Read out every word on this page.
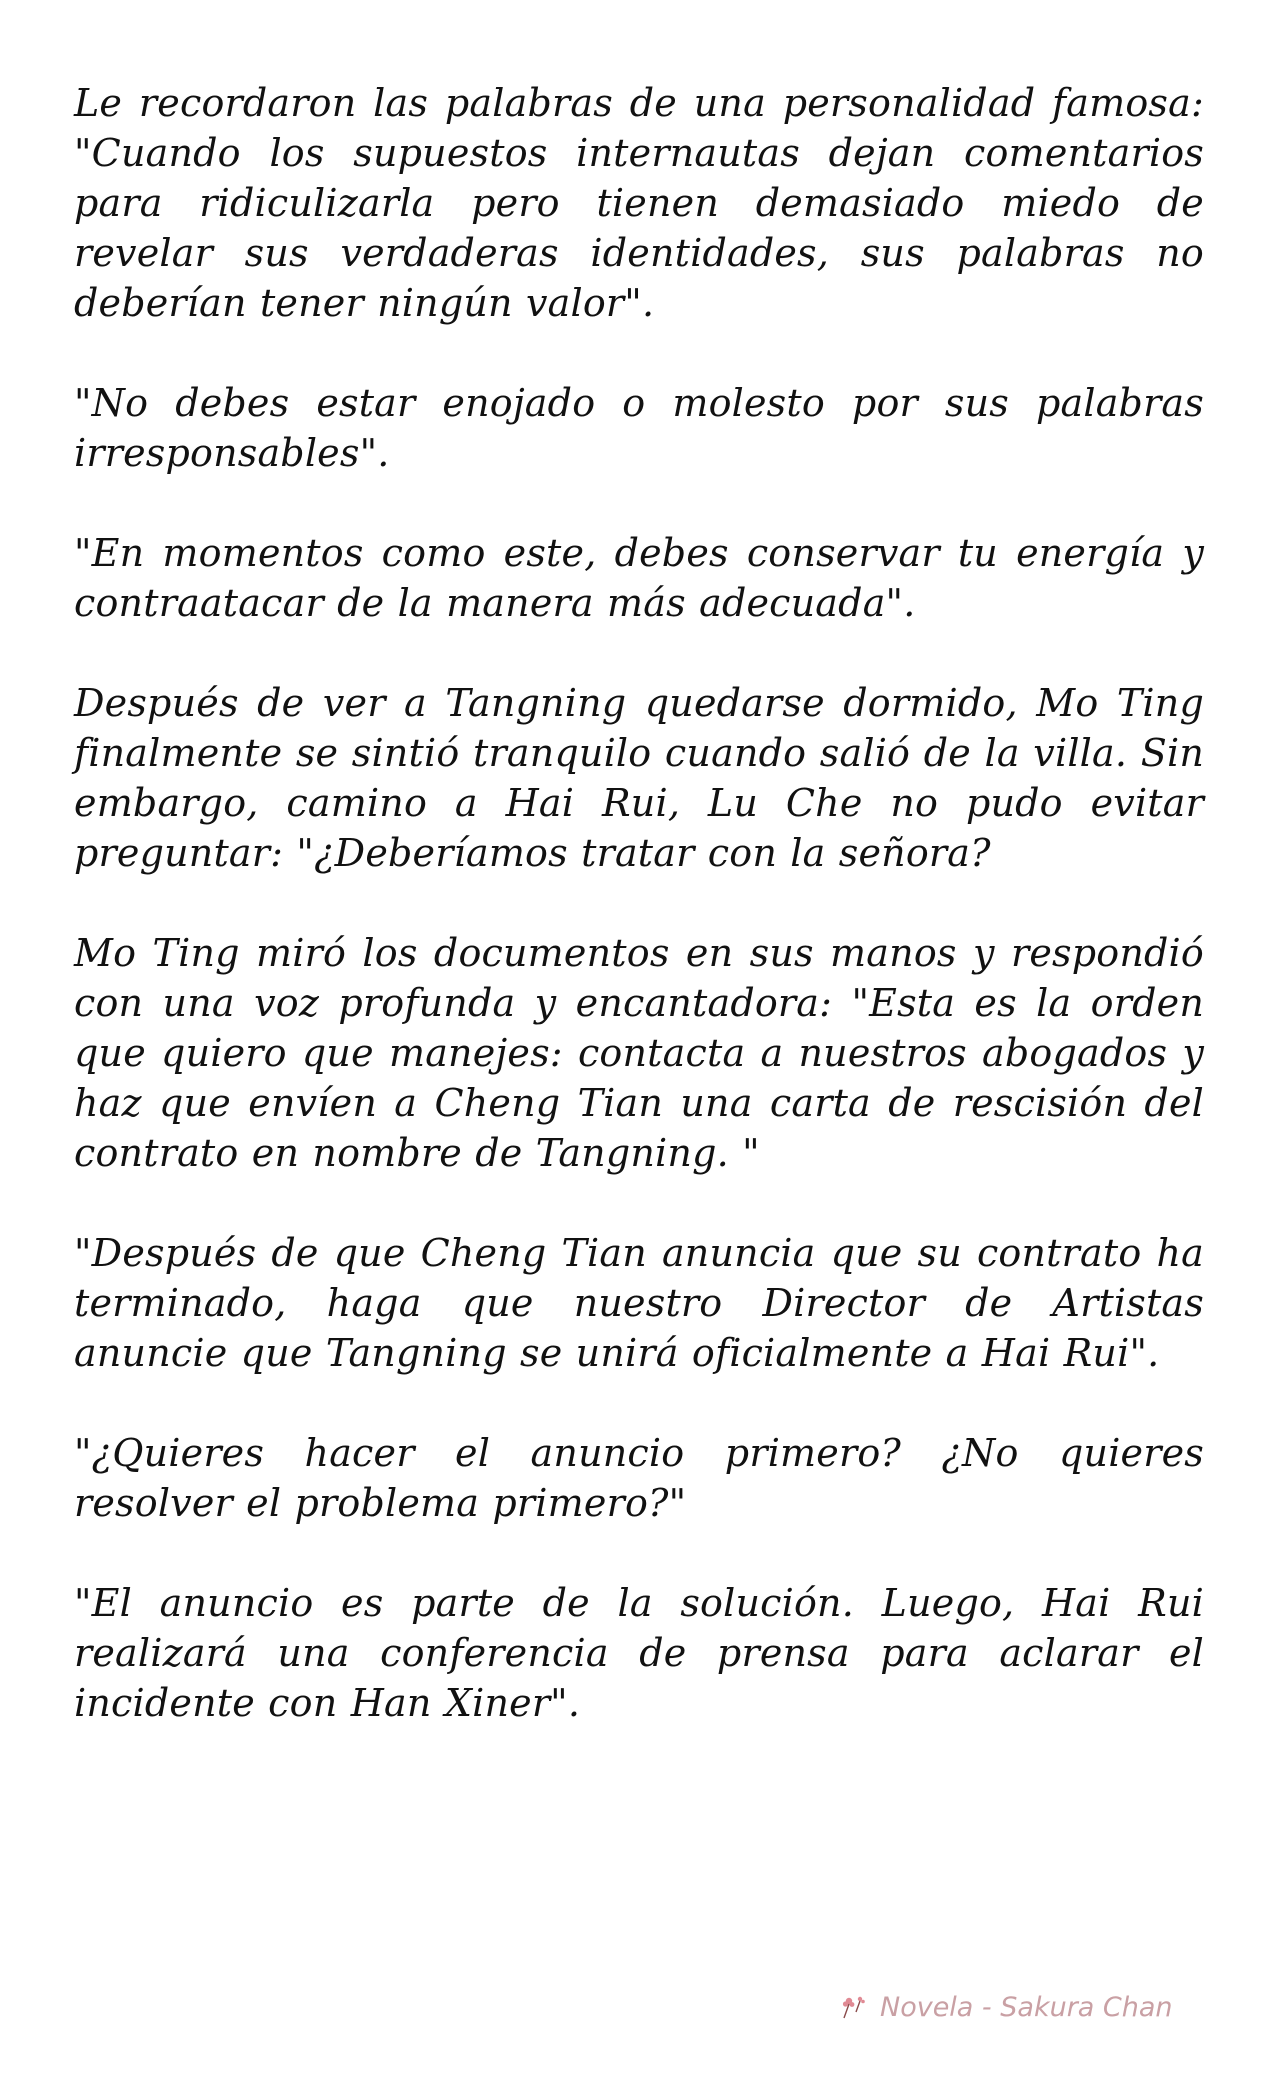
Le recordaron las palabras de una personalidad famosa: "Cuando los supuestos internautas dejan comentarios para ridiculizarla pero tienen demasiado miedo de revelar sus verdaderas identidades, sus palabras no deberían tener ningún valor".

"No debes estar enojado o molesto por sus palabras irresponsables".

"En momentos como este, debes conservar tu energía y contraatacar de la manera más adecuada".

Después de ver a Tangning quedarse dormido, Mo Ting finalmente se sintió tranquilo cuando salió de la villa. Sin embargo, camino a Hai Rui, Lu Che no pudo evitar preguntar: "¿Deberíamos tratar con la señora?

Mo Ting miró los documentos en sus manos y respondió con una voz profunda y encantadora: "Esta es la orden que quiero que manejes: contacta a nuestros abogados y haz que envíen a Cheng Tian una carta de rescisión del contrato en nombre de Tangning. "

"Después de que Cheng Tian anuncia que su contrato ha terminado, haga que nuestro Director de Artistas anuncie que Tangning se unirá oficialmente a Hai Rui".

"¿Quieres hacer el anuncio primero? ¿No quieres resolver el problema primero?"

"El anuncio es parte de la solución. Luego, Hai Rui realizará una conferencia de prensa para aclarar el incidente con Han Xiner".

Novela - Sakura Chan
